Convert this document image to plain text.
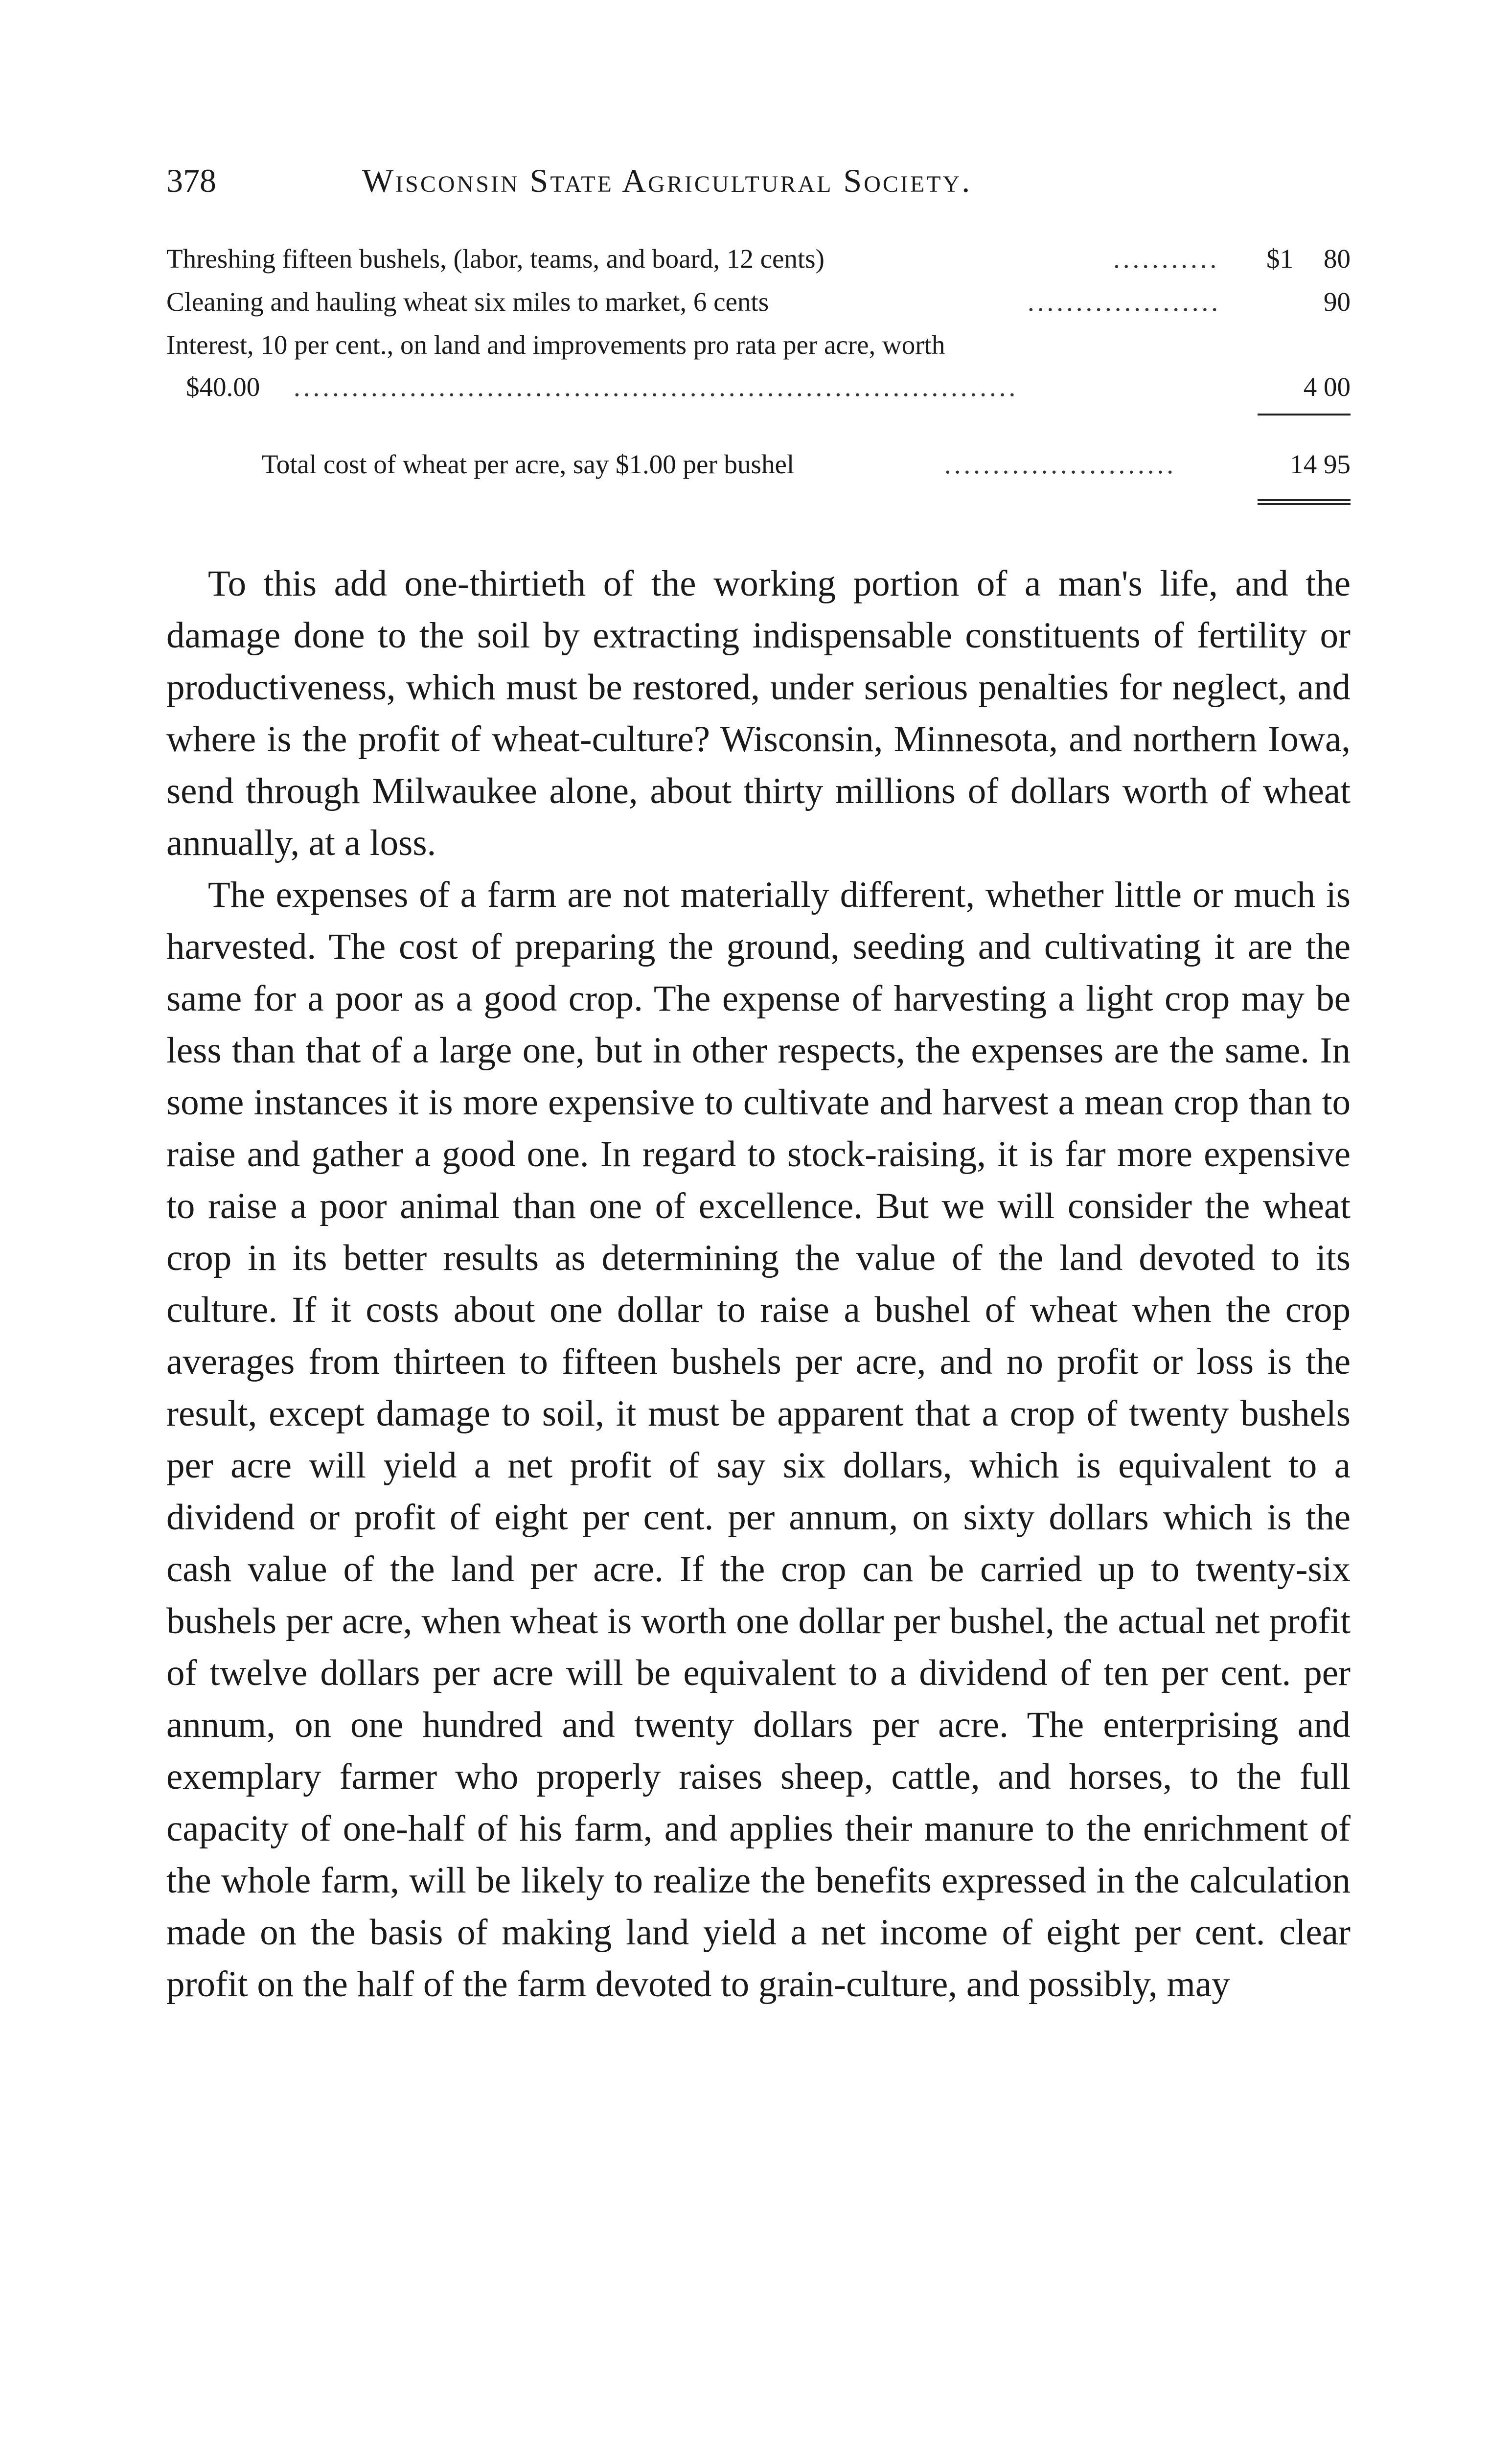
378	Wisconsin State Agricultural Society.
Threshing fifteen bushels, (labor, teams, and board, 12 cents)	...........	$1 80
Cleaning and hauling wheat six miles to market, 6 cents	....................	90
Interest, 10 per cent., on land and improvements pro rata per acre, worth
$40.00 ...........................................................................	4 00
Total cost of wheat per acre, say $1.00 per bushel	........................	14 95

To this add one-thirtieth of the working portion of a man's life, and the damage done to the soil by extracting indispensable constituents of fertility or productiveness, which must be restored, under serious penalties for neglect, and where is the profit of wheat-culture? Wisconsin, Minnesota, and northern Iowa, send through Milwaukee alone, about thirty millions of dollars worth of wheat annually, at a loss.

The expenses of a farm are not materially different, whether little or much is harvested. The cost of preparing the ground, seeding and cultivating it are the same for a poor as a good crop. The expense of harvesting a light crop may be less than that of a large one, but in other respects, the expenses are the same. In some instances it is more expensive to cultivate and harvest a mean crop than to raise and gather a good one. In regard to stock-raising, it is far more expensive to raise a poor animal than one of excellence. But we will consider the wheat crop in its better results as determining the value of the land devoted to its culture. If it costs about one dollar to raise a bushel of wheat when the crop averages from thirteen to fifteen bushels per acre, and no profit or loss is the result, except damage to soil, it must be apparent that a crop of twenty bushels per acre will yield a net profit of say six dollars, which is equivalent to a dividend or profit of eight per cent. per annum, on sixty dollars which is the cash value of the land per acre. If the crop can be carried up to twenty-six bushels per acre, when wheat is worth one dollar per bushel, the actual net profit of twelve dollars per acre will be equivalent to a dividend of ten per cent. per annum, on one hundred and twenty dollars per acre. The enterprising and exemplary farmer who properly raises sheep, cattle, and horses, to the full capacity of one-half of his farm, and applies their manure to the enrichment of the whole farm, will be likely to realize the benefits expressed in the calculation made on the basis of making land yield a net income of eight per cent. clear profit on the half of the farm devoted to grain-culture, and possibly, may
